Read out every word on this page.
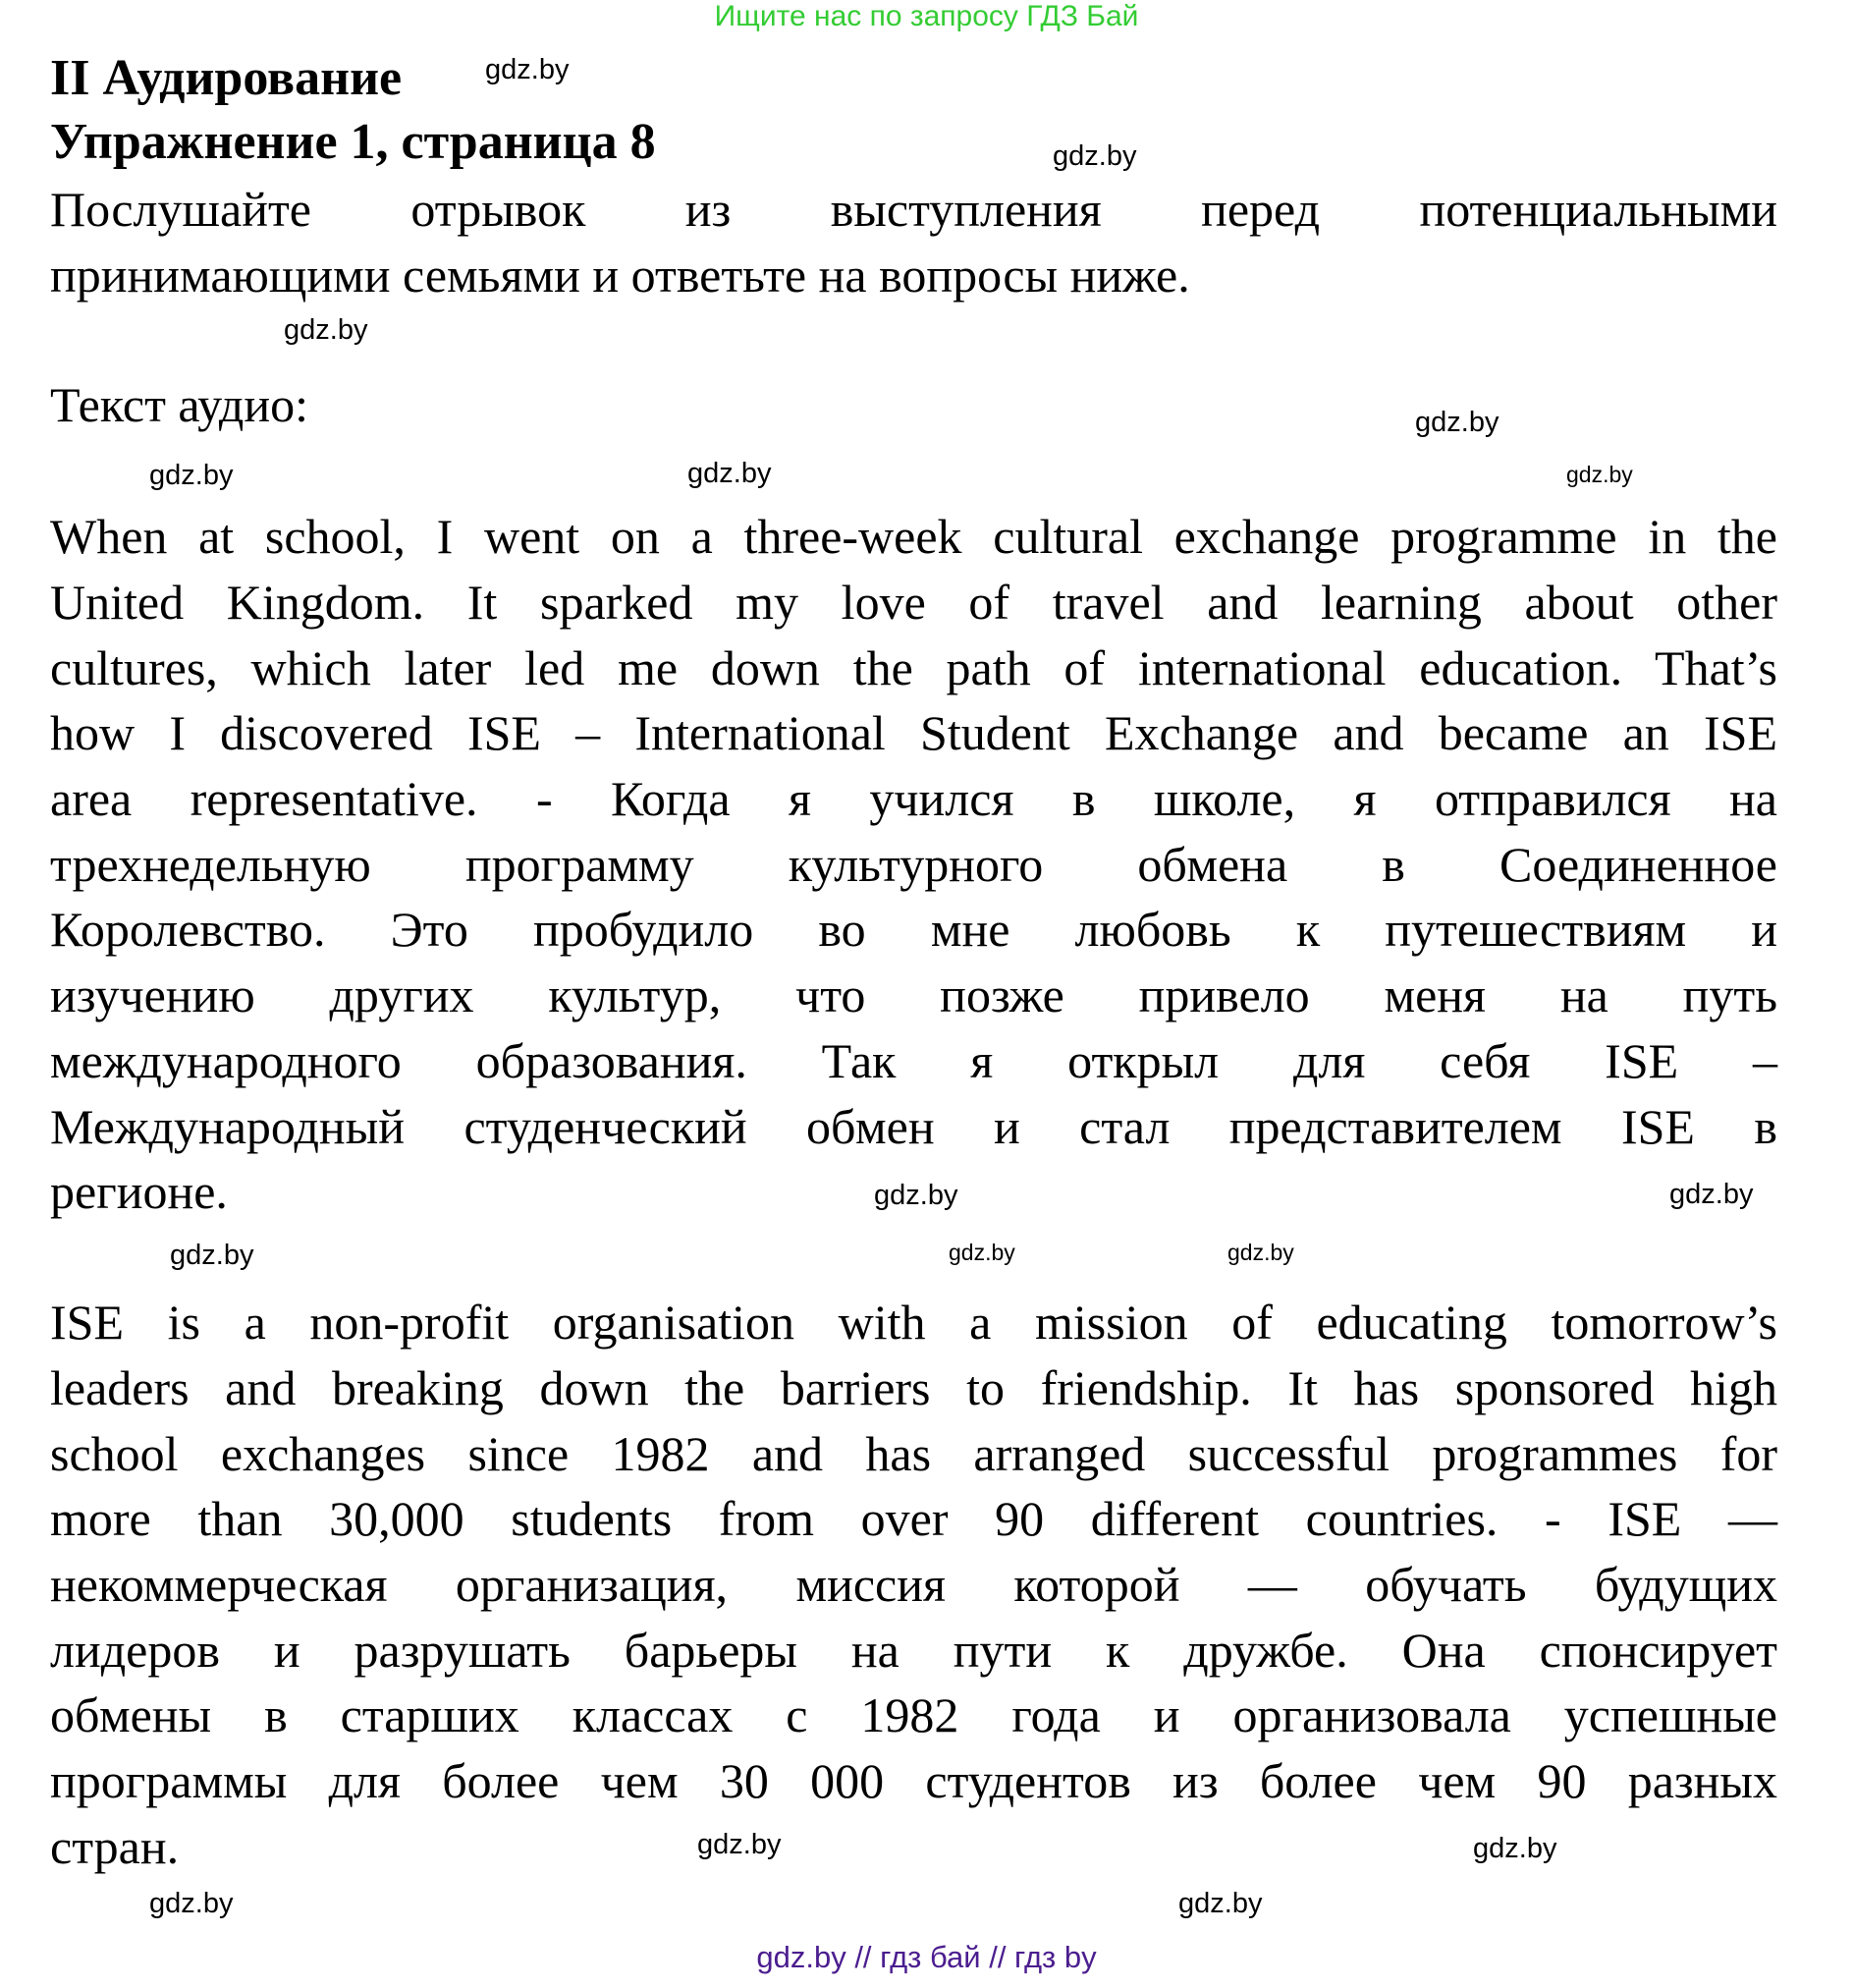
Ищите нас по запросу ГДЗ Бай
II Аудирование
Упражнение 1, страница 8
Послушайте отрывок из выступления перед потенциальными
принимающими семьями и ответьте на вопросы ниже.
Текст аудио:
When at school, I went on a three-week cultural exchange programme in the
United Kingdom. It sparked my love of travel and learning about other
cultures, which later led me down the path of international education. That’s
how I discovered ISE – International Student Exchange and became an ISE
area representative. - Когда я учился в школе, я отправился на
трехнедельную программу культурного обмена в Соединенное
Королевство. Это пробудило во мне любовь к путешествиям и
изучению других культур, что позже привело меня на путь
международного образования. Так я открыл для себя ISE –
Международный студенческий обмен и стал представителем ISE в
регионе.
ISE is a non-profit organisation with a mission of educating tomorrow’s
leaders and breaking down the barriers to friendship. It has sponsored high
school exchanges since 1982 and has arranged successful programmes for
more than 30,000 students from over 90 different countries. - ISE —
некоммерческая организация, миссия которой — обучать будущих
лидеров и разрушать барьеры на пути к дружбе. Она спонсирует
обмены в старших классах с 1982 года и организовала успешные
программы для более чем 30 000 студентов из более чем 90 разных
стран.
gdz.by
gdz.by
gdz.by
gdz.by
gdz.by	gdz.by
gdz.by
gdz.by
gdz.by
gdz.by
gdz.by	gdz.by
gdz.by
gdz.by
gdz.by
gdz.by
gdz.by // гдз бай // гдз by
